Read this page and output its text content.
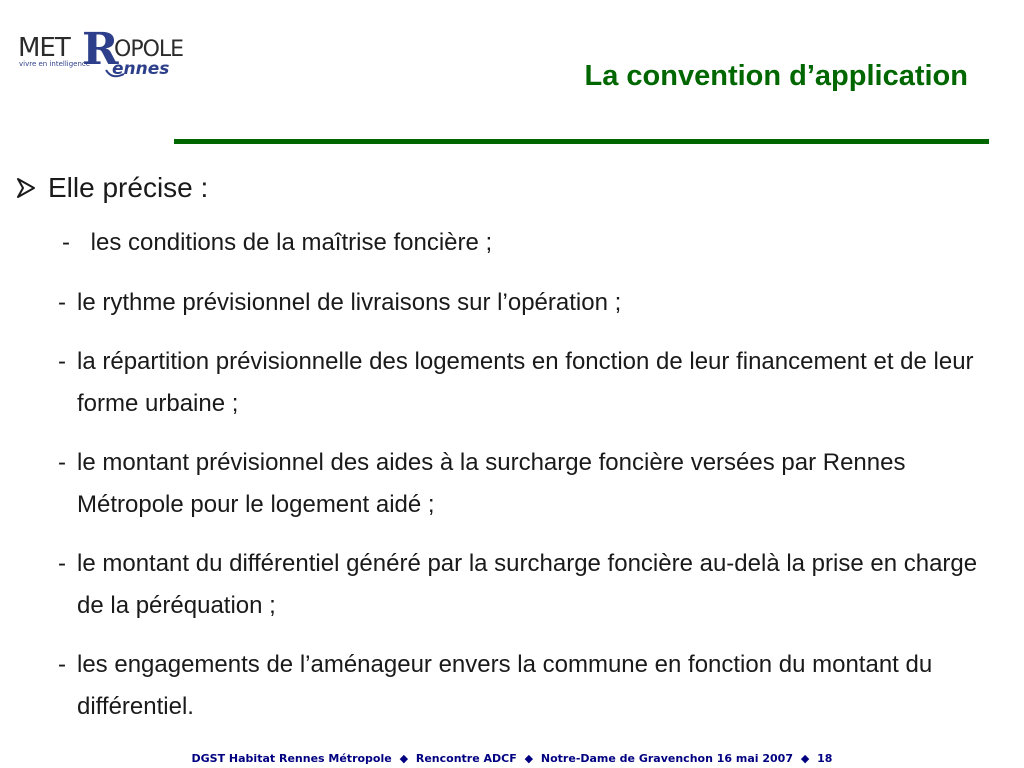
MET R
OPOLE
ennes
vivre en intelligence	La convention d’application
Elle précise :
- les conditions de la maîtrise foncière ;
- le rythme prévisionnel de livraisons sur l’opération ;
- la répartition prévisionnelle des logements en fonction de leur financement et de leur forme urbaine ;
- le montant prévisionnel des aides à la surcharge foncière versées par Rennes Métropole pour le logement aidé ;
- le montant du différentiel généré par la surcharge foncière au-delà la prise en charge de la péréquation ;
- les engagements de l’aménageur envers la commune en fonction du montant du différentiel.
DGST Habitat Rennes Métropole ◆ Rencontre ADCF ◆ Notre-Dame de Gravenchon 16 mai 2007 ◆ 18
